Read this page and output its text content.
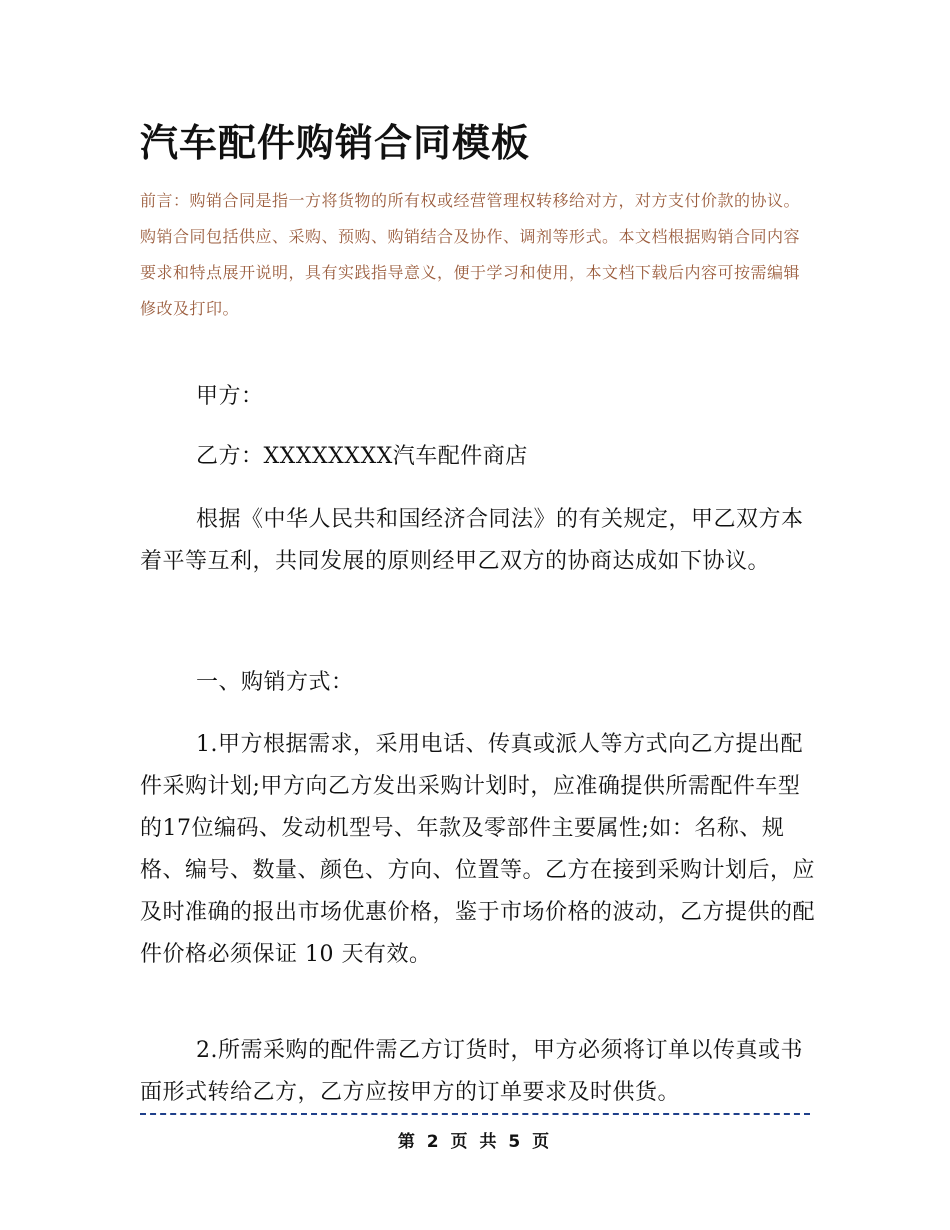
汽车配件购销合同模板

前言：购销合同是指一方将货物的所有权或经营管理权转移给对方，对方支付价款的协议。购销合同包括供应、采购、预购、购销结合及协作、调剂等形式。本文档根据购销合同内容要求和特点展开说明，具有实践指导意义，便于学习和使用，本文档下载后内容可按需编辑修改及打印。

甲方：

乙方：XXXXXXXX汽车配件商店

根据《中华人民共和国经济合同法》的有关规定，甲乙双方本着平等互利，共同发展的原则经甲乙双方的协商达成如下协议。

一、购销方式：

1.甲方根据需求，采用电话、传真或派人等方式向乙方提出配件采购计划;甲方向乙方发出采购计划时，应准确提供所需配件车型的17位编码、发动机型号、年款及零部件主要属性;如：名称、规格、编号、数量、颜色、方向、位置等。乙方在接到采购计划后，应及时准确的报出市场优惠价格，鉴于市场价格的波动，乙方提供的配件价格必须保证 10 天有效。

2.所需采购的配件需乙方订货时，甲方必须将订单以传真或书面形式转给乙方，乙方应按甲方的订单要求及时供货。

第 2 页 共 5 页
